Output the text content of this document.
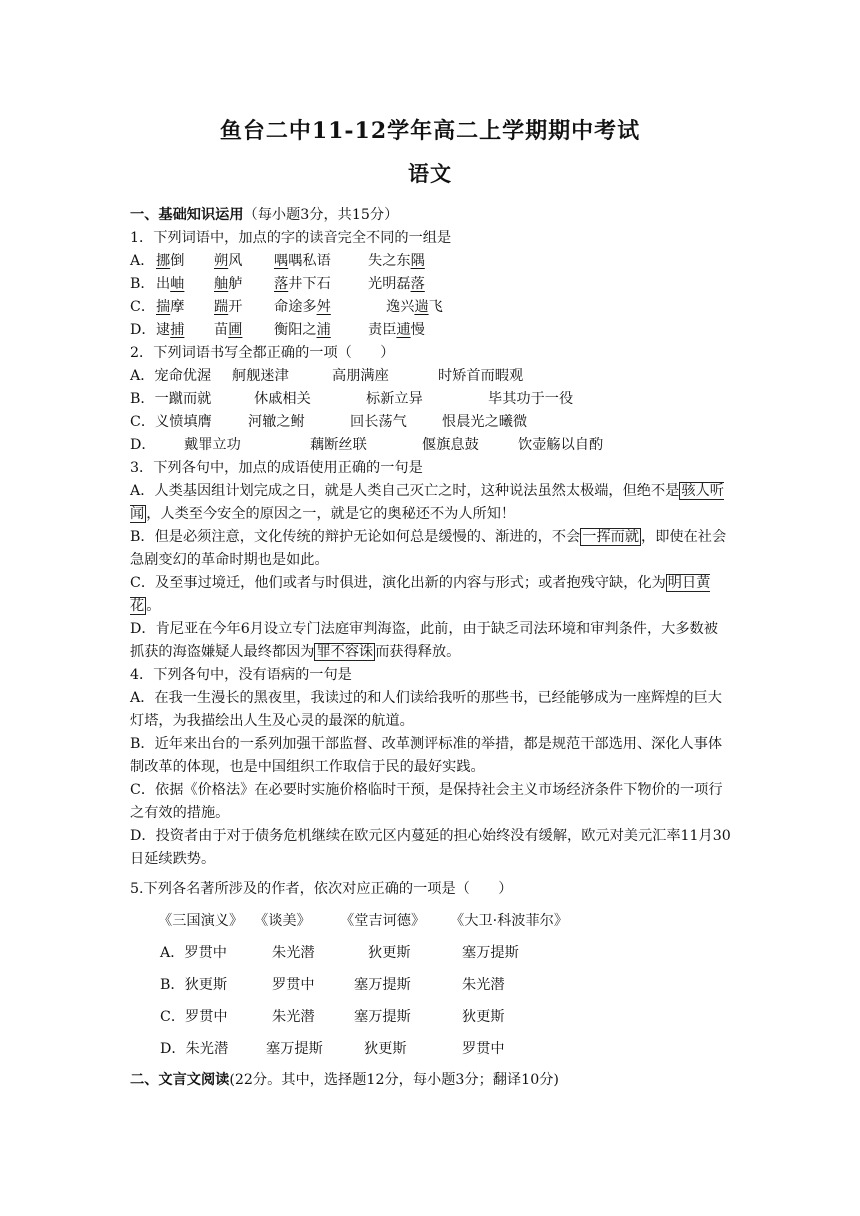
鱼台二中11-12学年高二上学期期中考试
语文
一、基础知识运用（每小题3分，共15分）
1．下列词语中，加点的字的读音完全不同的一组是
A． 挪倒 朔风 喁喁私语	失之东隅
B．出岫 舳舻 落井下石	光明磊落
C．揣摩 踹开 命途多舛	逸兴遄飞
D．逮捕 苗圃 衡阳之浦	责臣逋慢
2．下列词语书写全都正确的一项（　　）
A．宠命优渥 舸舰迷津	高朋满座	时矫首而暇观
B．一蹴而就	休戚相关	标新立异	毕其功于一役
C．义愤填膺	河辙之鲋	回长荡气 恨晨光之曦微
D． 戴罪立功	藕断丝联	偃旗息鼓	饮壶觞以自酌
3．下列各句中，加点的成语使用正确的一句是
A．人类基因组计划完成之日，就是人类自己灭亡之时，这种说法虽然太极端，但绝不是 骇人听闻 ，人类至今安全的原因之一，就是它的奥秘还不为人所知！
B．但是必须注意，文化传统的辩护无论如何总是缓慢的、渐进的，不会 一挥而就 ，即使在社会急剧变幻的革命时期也是如此。
C．及至事过境迁，他们或者与时俱进，演化出新的内容与形式；或者抱残守缺，化为 明日黄花 。
D．肯尼亚在今年6月设立专门法庭审判海盗，此前，由于缺乏司法环境和审判条件，大多数被抓获的海盗嫌疑人最终都因为 罪不容诛 而获得释放。
4．下列各句中，没有语病的一句是
A．在我一生漫长的黑夜里，我读过的和人们读给我听的那些书，已经能够成为一座辉煌的巨大灯塔，为我描绘出人生及心灵的最深的航道。
B．近年来出台的一系列加强干部监督、改革测评标准的举措，都是规范干部选用、深化人事体制改革的体现，也是中国组织工作取信于民的最好实践。
C．依据《价格法》在必要时实施价格临时干预，是保持社会主义市场经济条件下物价的一项行之有效的措施。
D．投资者由于对于债务危机继续在欧元区内蔓延的担心始终没有缓解，欧元对美元汇率11月30日延续跌势。
5.下列各名著所涉及的作者，依次对应正确的一项是（　　）
《三国演义》 《谈美》 《堂吉诃德》 《大卫·科波菲尔》
A．罗贯中	朱光潜	狄更斯	塞万提斯
B．狄更斯	罗贯中	塞万提斯	朱光潜
C．罗贯中	朱光潜	塞万提斯	狄更斯
D．朱光潜	塞万提斯	狄更斯	罗贯中
二、文言文阅读(22分。其中，选择题12分，每小题3分；翻译10分)
